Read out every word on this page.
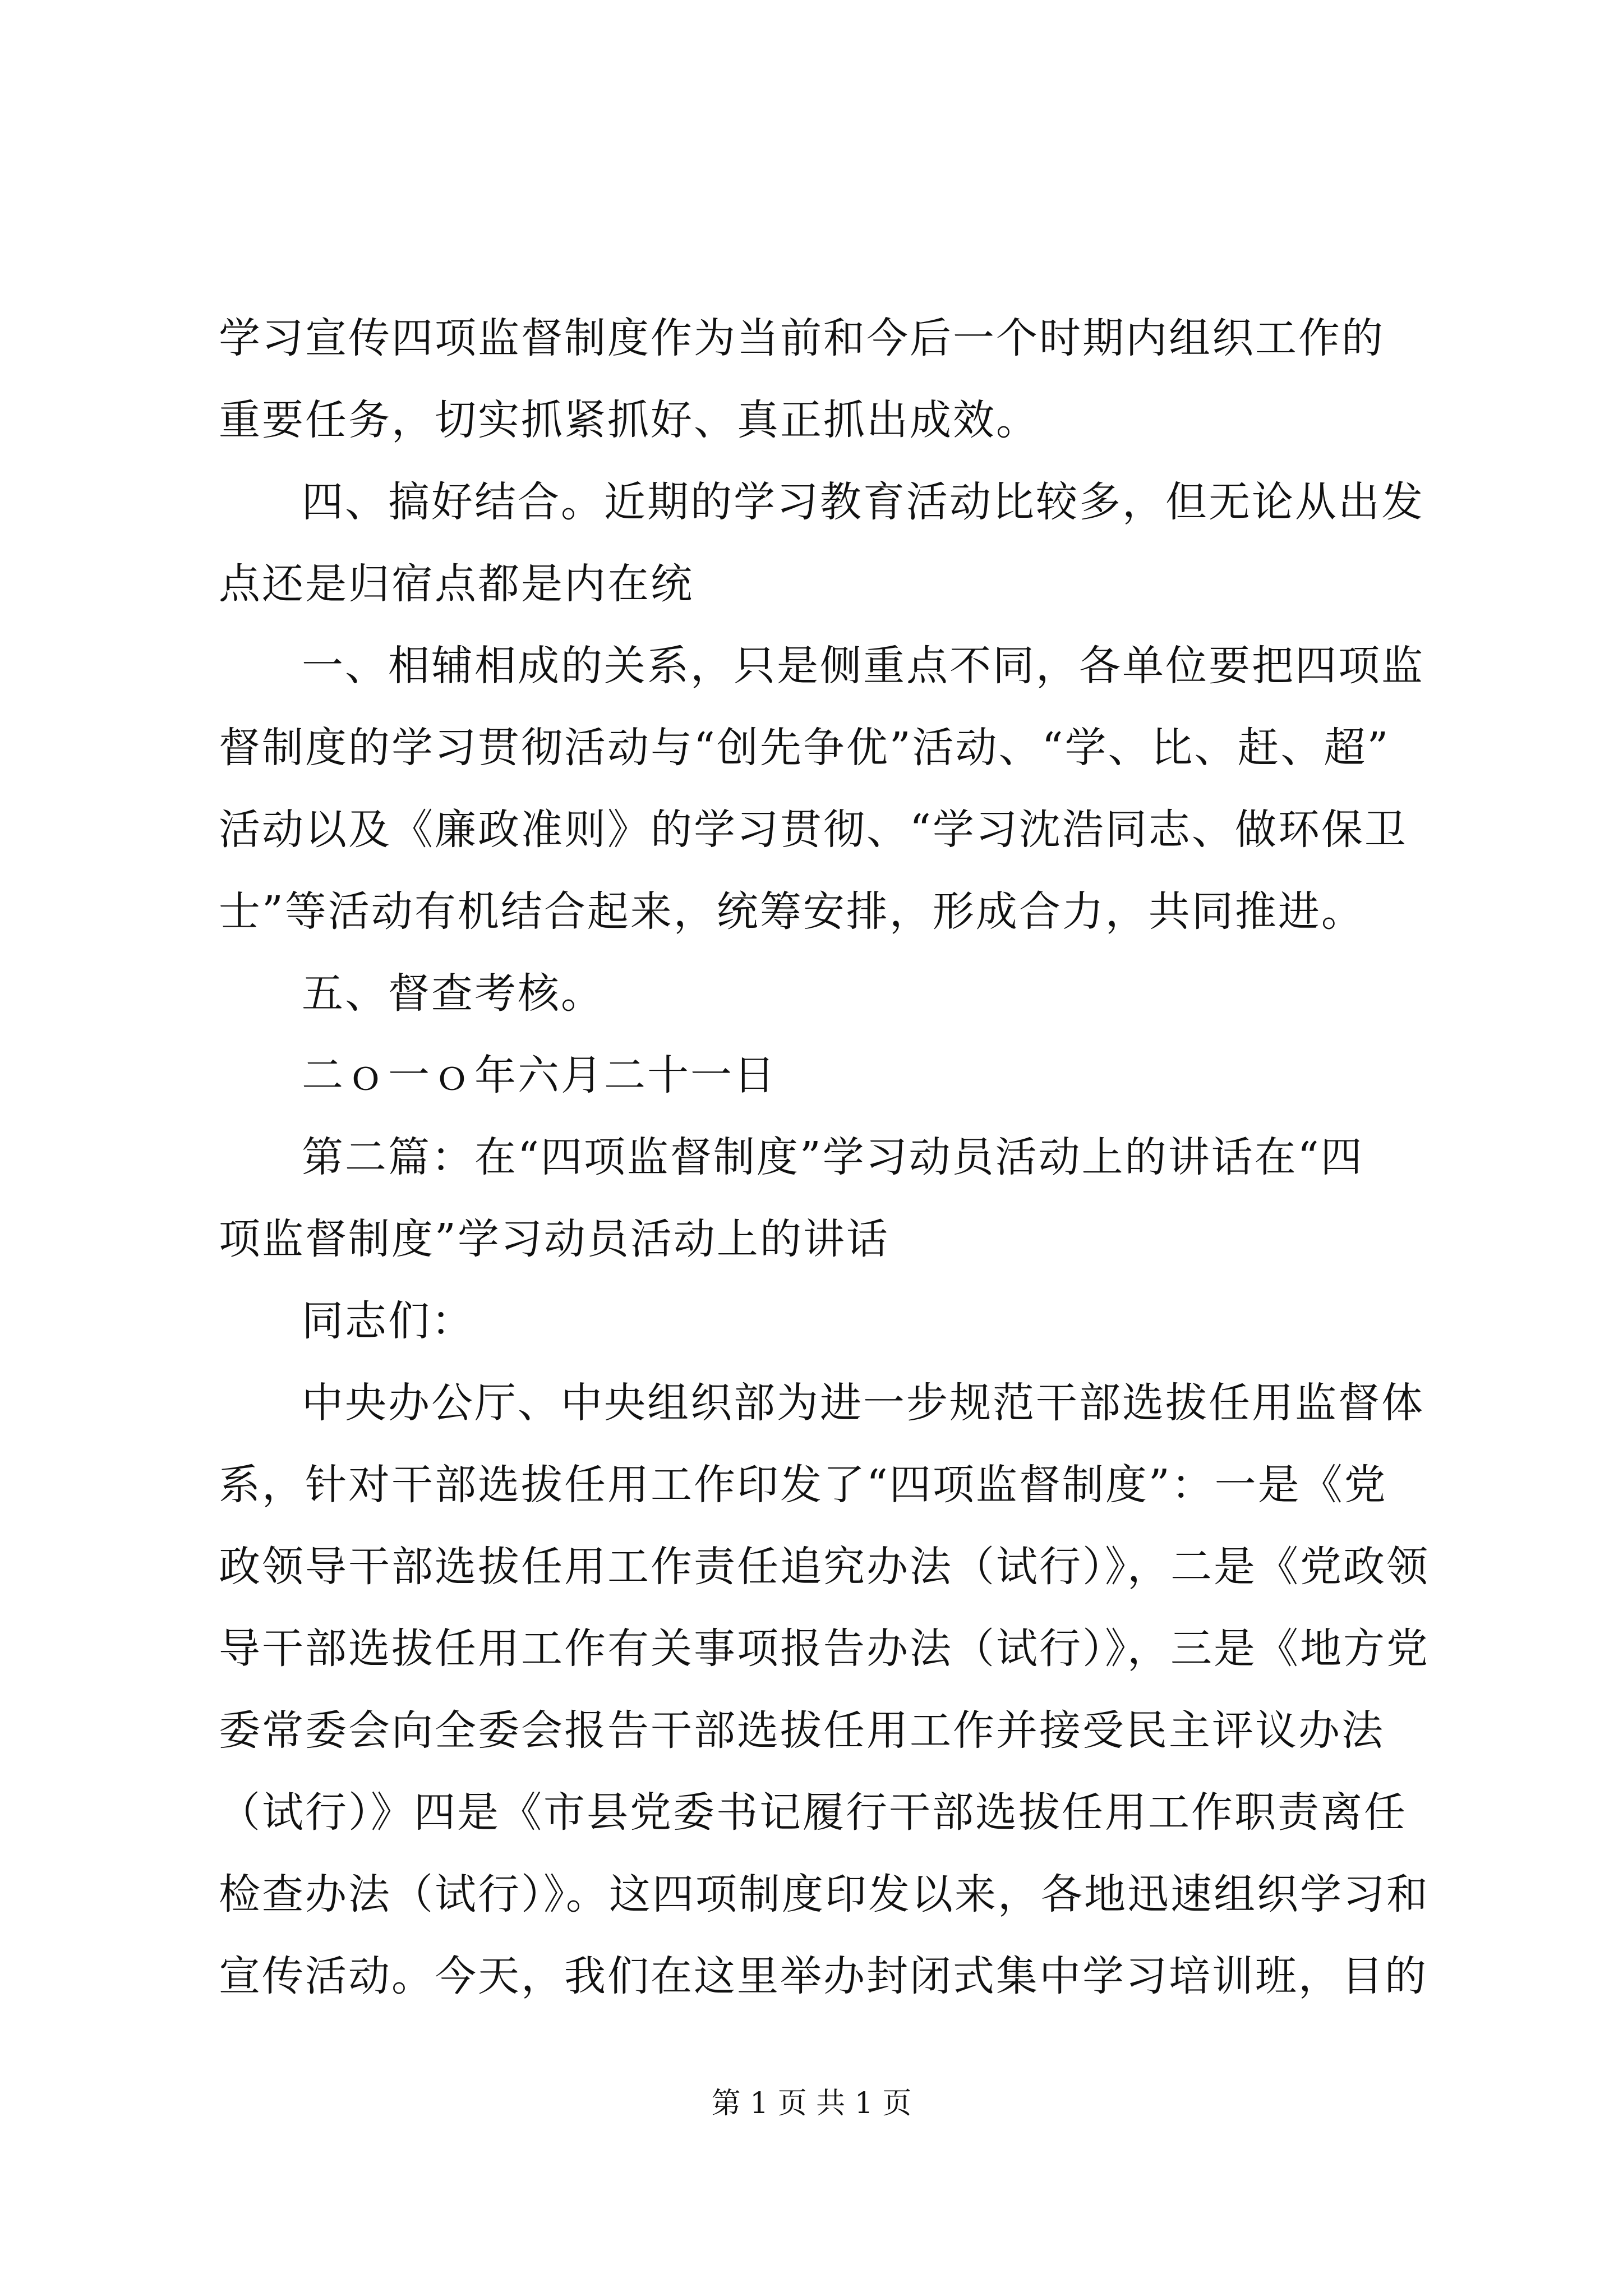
学习宣传四项监督制度作为当前和今后一个时期内组织工作的
重要任务，切实抓紧抓好、真正抓出成效。
四、搞好结合。近期的学习教育活动比较多，但无论从出发
点还是归宿点都是内在统
一、相辅相成的关系，只是侧重点不同，各单位要把四项监
督制度的学习贯彻活动与“创先争优”活动、“学、比、赶、超”
活动以及《廉政准则》的学习贯彻、“学习沈浩同志、做环保卫
士”等活动有机结合起来，统筹安排，形成合力，共同推进。
五、督查考核。
二ｏ一ｏ年六月二十一日
第二篇：在“四项监督制度”学习动员活动上的讲话在“四
项监督制度”学习动员活动上的讲话
同志们：
中央办公厅、中央组织部为进一步规范干部选拔任用监督体
系，针对干部选拔任用工作印发了“四项监督制度”：一是《党
政领导干部选拔任用工作责任追究办法（试行）》，二是《党政领
导干部选拔任用工作有关事项报告办法（试行）》，三是《地方党
委常委会向全委会报告干部选拔任用工作并接受民主评议办法
（试行）》四是《市县党委书记履行干部选拔任用工作职责离任
检查办法（试行）》。这四项制度印发以来，各地迅速组织学习和
宣传活动。今天，我们在这里举办封闭式集中学习培训班，目的
第 1 页 共 1 页
